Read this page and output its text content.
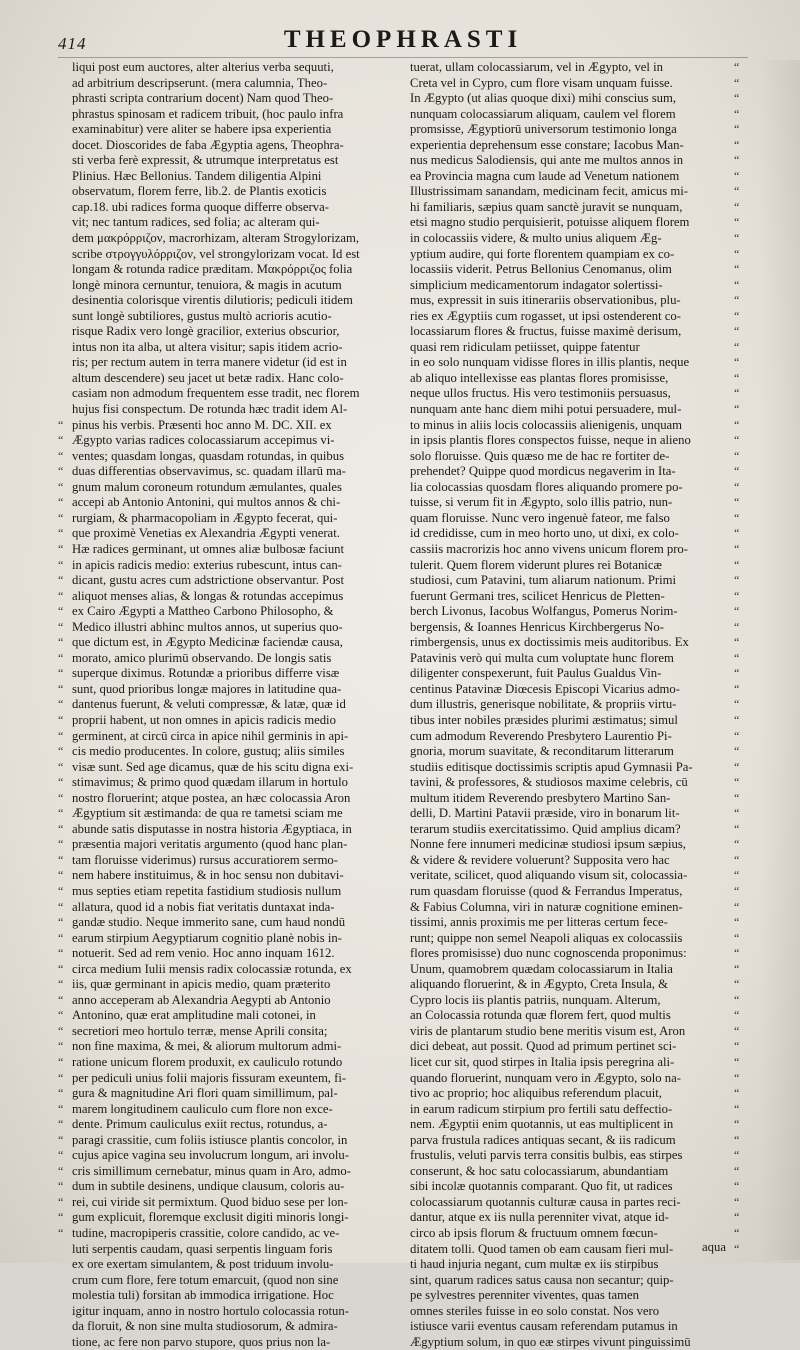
414	THEOPHRASTI
“
“
“
“
“
“
“
“
“
“
“
“
“
“
“
“
“
“
“
“
“
“
“
“
“
“
“
“
“
“
“
“
“
“
“
“
“
“
“
“
“
“
“
“
“
“
“
“
“
“
“
“
“
liqui post eum auctores, alter alterius verba sequuti,
ad arbitrium descripserunt. (mera calumnia, Theo-
phrasti scripta contrarium docent) Nam quod Theo-
phrastus spinosam et radicem tribuit, (hoc paulo infra
examinabitur) vere aliter se habere ipsa experientia
docet. Dioscorides de faba Ægyptia agens, Theophra-
sti verba ferè expressit, & utrumque interpretatus est
Plinius. Hæc Bellonius. Tandem diligentia Alpini
observatum, florem ferre, lib.2. de Plantis exoticis
cap.18. ubi radices forma quoque differre observa-
vit; nec tantum radices, sed folia; ac alteram qui-
dem μακρόρριζον, macrorhizam, alteram Strogylorizam,
scribe στρογγυλόρριζον, vel strongylorizam vocat. Id est
longam & rotunda radice præditam. Μακρόρριζος folia
longè minora cernuntur, tenuiora, & magis in acutum
desinentia colorisque virentis dilutioris; pediculi itidem
sunt longè subtiliores, gustus multò acrioris acutio-
risque Radix vero longè gracilior, exterius obscurior,
intus non ita alba, ut altera visitur; sapis itidem acrio-
ris; per rectum autem in terra manere videtur (id est in
altum descendere) seu jacet ut betæ radix. Hanc colo-
casiam non admodum frequentem esse tradit, nec florem
hujus fisi conspectum. De rotunda hæc tradit idem Al-
pinus his verbis. Præsenti hoc anno M. DC. XII. ex
Ægypto varias radices colocassiarum accepimus vi-
ventes; quasdam longas, quasdam rotundas, in quibus
duas differentias observavimus, sc. quadam illarū ma-
gnum malum coroneum rotundum æmulantes, quales
accepi ab Antonio Antonini, qui multos annos & chi-
rurgiam, & pharmacopoliam in Ægypto fecerat, qui-
que proximè Venetias ex Alexandria Ægypti venerat.
Hæ radices germinant, ut omnes aliæ bulbosæ faciunt
in apicis radicis medio: exterius rubescunt, intus can-
dicant, gustu acres cum adstrictione observantur. Post
aliquot menses alias, & longas & rotundas accepimus
ex Cairo Ægypti a Mattheo Carbono Philosopho, &
Medico illustri abhinc multos annos, ut superius quo-
que dictum est, in Ægypto Medicinæ faciendæ causa,
morato, amico plurimū observando. De longis satis
superque diximus. Rotundæ a prioribus differre visæ
sunt, quod prioribus longæ majores in latitudine qua-
dantenus fuerunt, & veluti compressæ, & latæ, quæ id
proprii habent, ut non omnes in apicis radicis medio
germinent, at circū circa in apice nihil germinis in api-
cis medio producentes. In colore, gustuq; aliis similes
visæ sunt. Sed age dicamus, quæ de his scitu digna exi-
stimavimus; & primo quod quædam illarum in hortulo
nostro floruerint; atque postea, an hæc colocassia Aron
Ægyptium sit æstimanda: de qua re tametsi sciam me
abunde satis disputasse in nostra historia Ægyptiaca, in
præsentia majori veritatis argumento (quod hanc plan-
tam floruisse viderimus) rursus accuratiorem sermo-
nem habere instituimus, & in hoc sensu non dubitavi-
mus septies etiam repetita fastidium studiosis nullum
allatura, quod id a nobis fiat veritatis duntaxat inda-
gandæ studio. Neque immerito sane, cum haud nondū
earum stirpium Aegyptiarum cognitio planè nobis in-
notuerit. Sed ad rem venio. Hoc anno inquam 1612.
circa medium Iulii mensis radix colocassiæ rotunda, ex
iis, quæ germinant in apicis medio, quam præterito
anno acceperam ab Alexandria Aegypti ab Antonio
Antonino, quæ erat amplitudine mali cotonei, in
secretiori meo hortulo terræ, mense Aprili consita;
non fine maxima, & mei, & aliorum multorum admi-
ratione unicum florem produxit, ex cauliculo rotundo
per pediculi unius folii majoris fissuram exeuntem, fi-
gura & magnitudine Ari flori quam simillimum, pal-
marem longitudinem cauliculo cum flore non exce-
dente. Primum cauliculus exiit rectus, rotundus, a-
paragi crassitie, cum foliis istiusce plantis concolor, in
cujus apice vagina seu involucrum longum, ari involu-
cris simillimum cernebatur, minus quam in Aro, admo-
dum in subtile desinens, undique clausum, coloris au-
rei, cui viride sit permixtum. Quod biduo sese per lon-
gum explicuit, floremque exclusit digiti minoris longi-
tudine, macropiperis crassitie, colore candido, ac ve-
luti serpentis caudam, quasi serpentis linguam foris
ex ore exertam simulantem, & post triduum involu-
crum cum flore, fere totum emarcuit, (quod non sine
molestia tuli) forsitan ab immodica irrigatione. Hoc
igitur inquam, anno in nostro hortulo colocassia rotun-
da floruit, & non sine multa studiosorum, & admira-
tione, ac fere non parvo stupore, quos prius non la-
tuerat, ullam colocassiarum, vel in Ægypto, vel in
Creta vel in Cypro, cum flore visam unquam fuisse.
In Ægypto (ut alias quoque dixi) mihi conscius sum,
nunquam colocassiarum aliquam, caulem vel florem
promsisse, Ægyptiorū universorum testimonio longa
experientia deprehensum esse constare; Iacobus Man-
nus medicus Salodiensis, qui ante me multos annos in
ea Provincia magna cum laude ad Venetum nationem
Illustrissimam sanandam, medicinam fecit, amicus mi-
hi familiaris, sæpius quam sanctè juravit se nunquam,
etsi magno studio perquisierit, potuisse aliquem florem
in colocassiis videre, & multo unius aliquem Æg-
yptium audire, qui forte florentem quampiam ex co-
locassiis viderit. Petrus Bellonius Cenomanus, olim
simplicium medicamentorum indagator solertissi-
mus, expressit in suis itinerariis observationibus, plu-
ries ex Ægyptiis cum rogasset, ut ipsi ostenderent co-
locassiarum flores & fructus, fuisse maximè derisum,
quasi rem ridiculam petiisset, quippe fatentur
in eo solo nunquam vidisse flores in illis plantis, neque
ab aliquo intellexisse eas plantas flores promisisse,
neque ullos fructus. His vero testimoniis persuasus,
nunquam ante hanc diem mihi potui persuadere, mul-
to minus in aliis locis colocassiis alienigenis, unquam
in ipsis plantis flores conspectos fuisse, neque in alieno
solo floruisse. Quis quæso me de hac re fortiter de-
prehendet? Quippe quod mordicus negaverim in Ita-
lia colocassias quosdam flores aliquando promere po-
tuisse, si verum fit in Ægypto, solo illis patrio, nun-
quam floruisse. Nunc vero ingenuè fateor, me falso
id credidisse, cum in meo horto uno, ut dixi, ex colo-
cassiis macrorizis hoc anno vivens unicum florem pro-
tulerit. Quem florem viderunt plures rei Botanicæ
studiosi, cum Patavini, tum aliarum nationum. Primi
fuerunt Germani tres, scilicet Henricus de Pletten-
berch Livonus, Iacobus Wolfangus, Pomerus Norim-
bergensis, & Ioannes Henricus Kirchbergerus No-
rimbergensis, unus ex doctissimis meis auditoribus. Ex
Patavinis verò qui multa cum voluptate hunc florem
diligenter conspexerunt, fuit Paulus Gualdus Vin-
centinus Patavinæ Diœcesis Episcopi Vicarius admo-
dum illustris, generisque nobilitate, & propriis virtu-
tibus inter nobiles præsides plurimi æstimatus; simul
cum admodum Reverendo Presbytero Laurentio Pi-
gnoria, morum suavitate, & reconditarum litterarum
studiis editisque doctissimis scriptis apud Gymnasii Pa-
tavini, & professores, & studiosos maxime celebris, cū
multum itidem Reverendo presbytero Martino San-
delli, D. Martini Patavii præside, viro in bonarum lit-
terarum studiis exercitatissimo. Quid amplius dicam?
Nonne fere innumeri medicinæ studiosi ipsum sæpius,
& videre & revidere voluerunt? Supposita vero hac
veritate, scilicet, quod aliquando visum sit, colocassia-
rum quasdam floruisse (quod & Ferrandus Imperatus,
& Fabius Columna, viri in naturæ cognitione eminen-
tissimi, annis proximis me per litteras certum fece-
runt; quippe non semel Neapoli aliquas ex colocassiis
flores promisisse) duo nunc cognoscenda proponimus:
Unum, quamobrem quædam colocassiarum in Italia
aliquando floruerint, & in Ægypto, Creta Insula, &
Cypro locis iis plantis patriis, nunquam. Alterum,
an Colocassia rotunda quæ florem fert, quod multis
viris de plantarum studio bene meritis visum est, Aron
dici debeat, aut possit. Quod ad primum pertinet sci-
licet cur sit, quod stirpes in Italia ipsis peregrina ali-
quando floruerint, nunquam vero in Ægypto, solo na-
tivo ac proprio; hoc aliquibus referendum placuit,
in earum radicum stirpium pro fertili satu deffectio-
nem. Ægyptii enim quotannis, ut eas multiplicent in
parva frustula radices antiquas secant, & iis radicum
frustulis, veluti parvis terra consitis bulbis, eas stirpes
conserunt, & hoc satu colocassiarum, abundantiam
sibi incolæ quotannis comparant. Quo fit, ut radices
colocassiarum quotannis culturæ causa in partes reci-
dantur, atque ex iis nulla perenniter vivat, atque id-
circo ab ipsis florum & fructuum omnem fœcun-
ditatem tolli. Quod tamen ob eam causam fieri mul-
ti haud injuria negant, cum multæ ex iis stirpibus
sint, quarum radices satus causa non secantur; quip-
pe sylvestres perenniter viventes, quas tamen
omnes steriles fuisse in eo solo constat. Nos vero
istiusce varii eventus causam referendam putamus in
Ægyptium solum, in quo eæ stirpes vivunt pinguissimū
“
“
“
“
“
“
“
“
“
“
“
“
“
“
“
“
“
“
“
“
“
“
“
“
“
“
“
“
“
“
“
“
“
“
“
“
“
“
“
“
“
“
“
“
“
“
“
“
“
“
“
“
“
“
“
“
“
“
“
“
“
“
“
“
“
“
“
“
“
“
“
“
“
“
“
“
“
aqua
